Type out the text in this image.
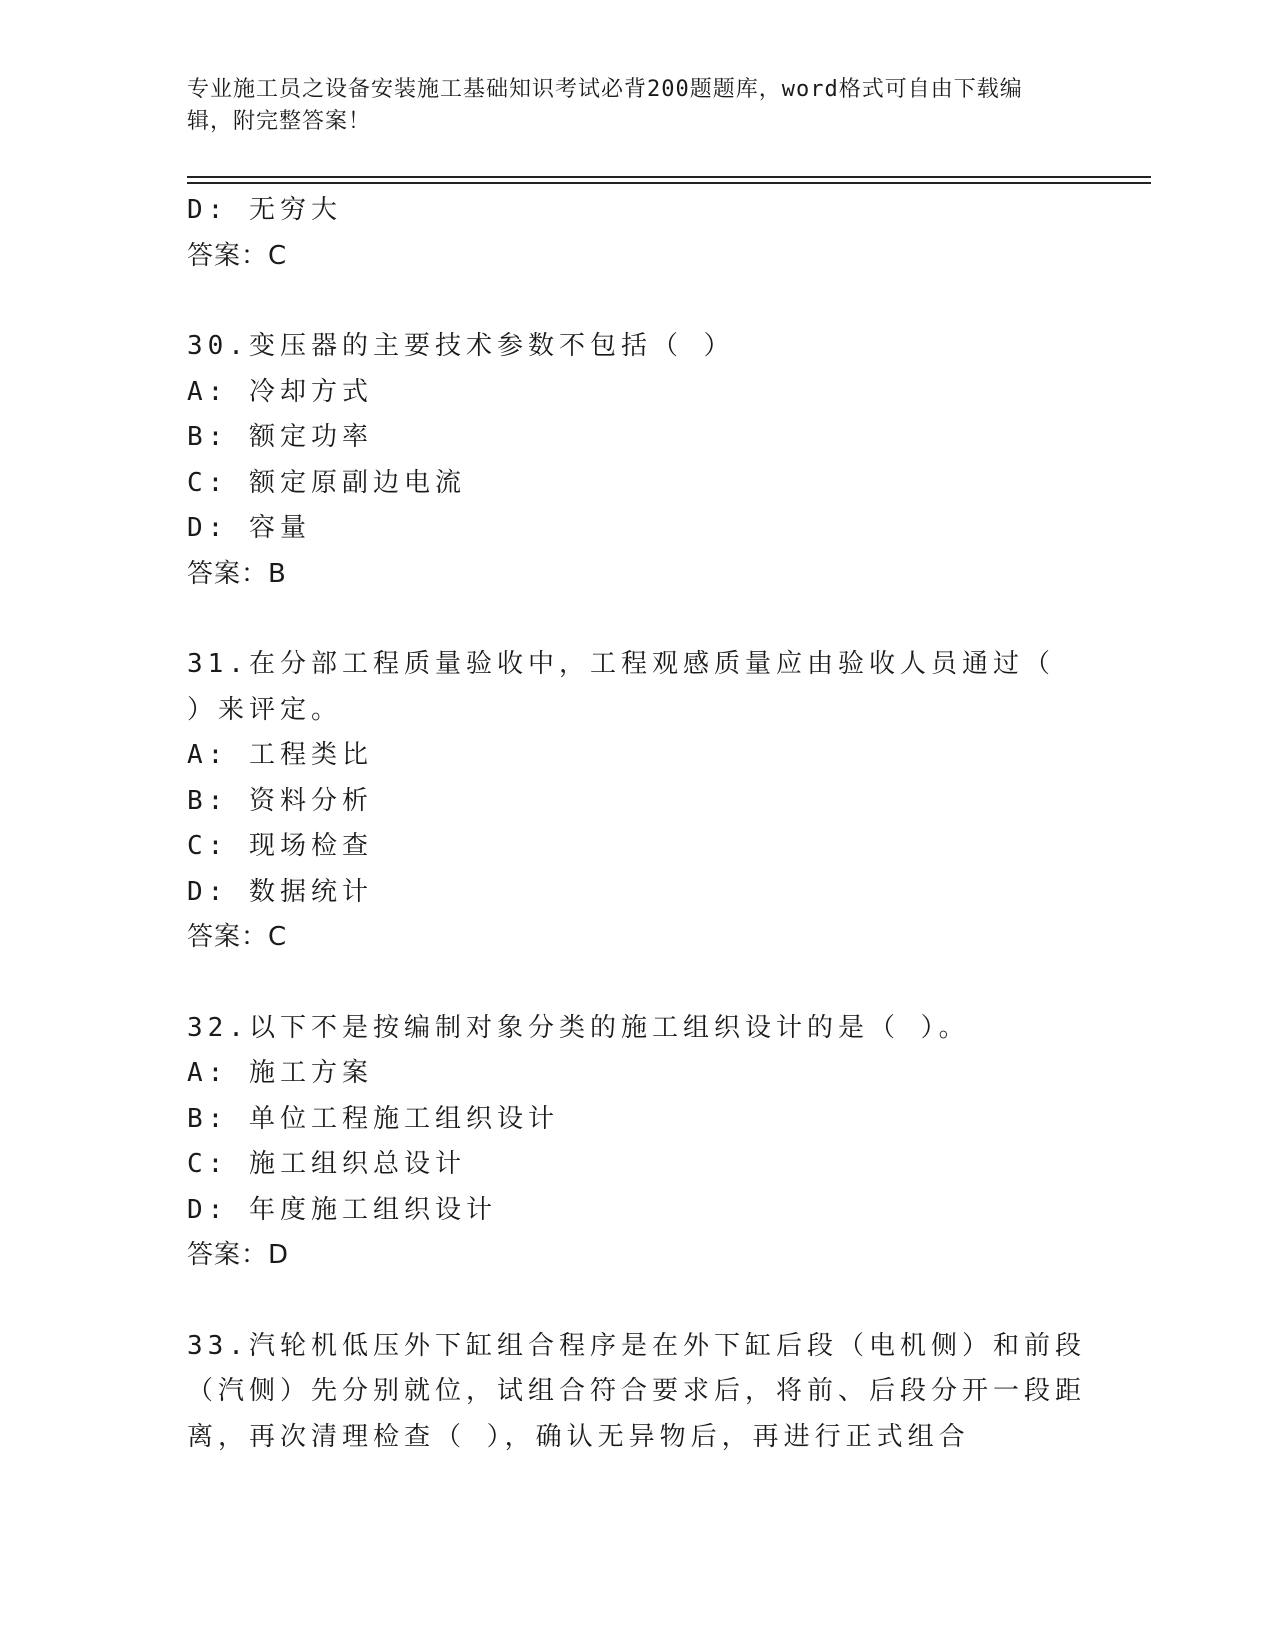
专业施工员之设备安装施工基础知识考试必背200题题库，word格式可自由下载编辑，附完整答案！
D: 无穷大
答案：C
30.变压器的主要技术参数不包括（ ）
A: 冷却方式
B: 额定功率
C: 额定原副边电流
D: 容量
答案：B
31.在分部工程质量验收中，工程观感质量应由验收人员通过（ ）来评定。
A: 工程类比
B: 资料分析
C: 现场检查
D: 数据统计
答案：C
32.以下不是按编制对象分类的施工组织设计的是（ ）。
A: 施工方案
B: 单位工程施工组织设计
C: 施工组织总设计
D: 年度施工组织设计
答案：D
33.汽轮机低压外下缸组合程序是在外下缸后段（电机侧）和前段（汽侧）先分别就位，试组合符合要求后，将前、后段分开一段距离，再次清理检查（ ），确认无异物后，再进行正式组合
